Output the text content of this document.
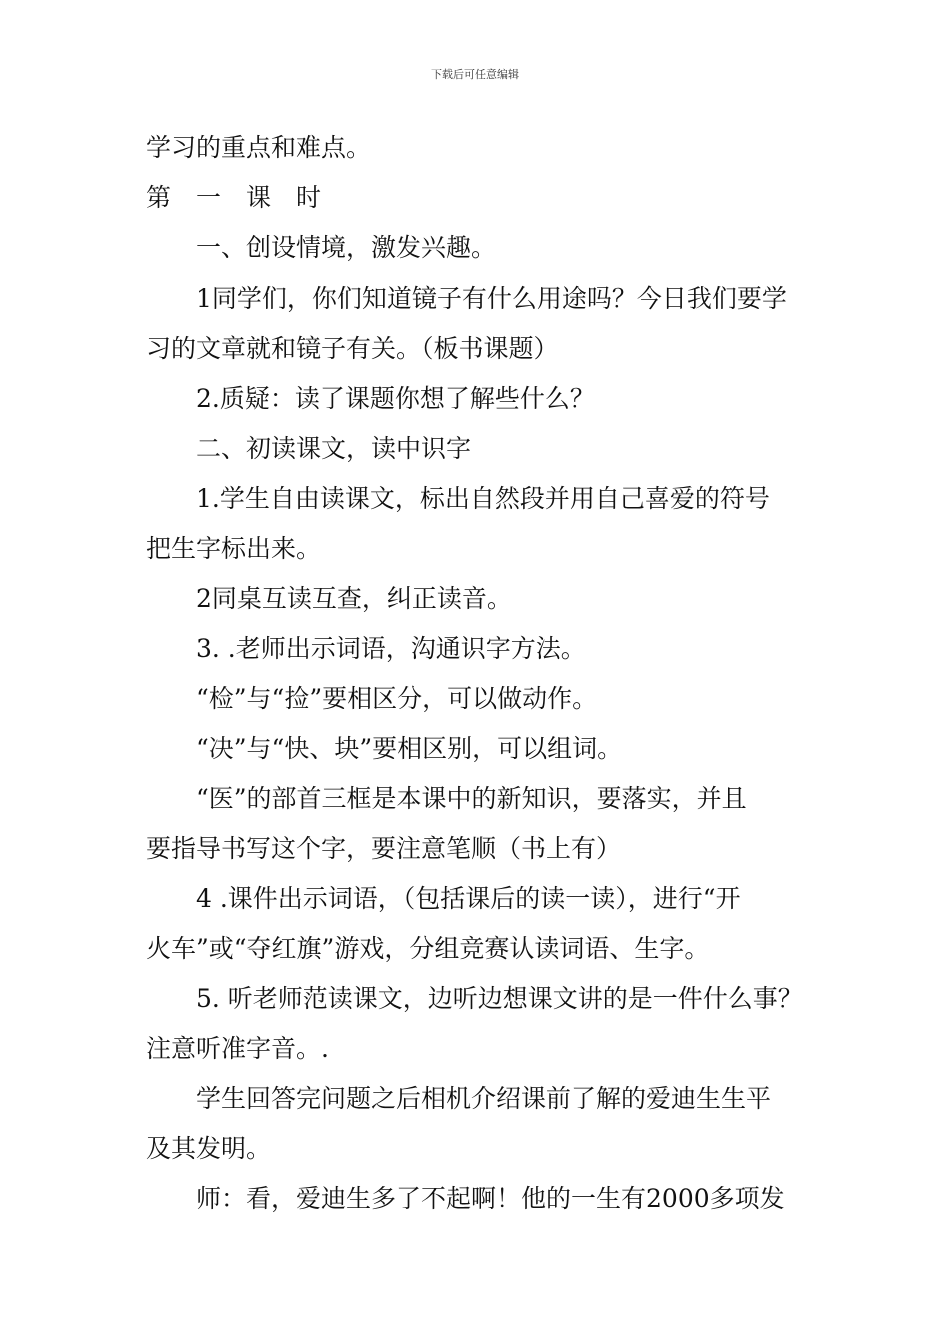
下载后可任意编辑
学习的重点和难点。
第　一　课　时
一、创设情境，激发兴趣。
1同学们，你们知道镜子有什么用途吗？今日我们要学
习的文章就和镜子有关。（板书课题）
2.质疑：读了课题你想了解些什么？
二、初读课文，读中识字
1.学生自由读课文，标出自然段并用自己喜爱的符号
把生字标出来。
2同桌互读互查，纠正读音。
3. .老师出示词语，沟通识字方法。
“检”与“捡”要相区分，可以做动作。
“决”与“快、块”要相区别，可以组词。
“医”的部首三框是本课中的新知识，要落实，并且
要指导书写这个字，要注意笔顺（书上有）
4 .课件出示词语，（包括课后的读一读），进行“开
火车”或“夺红旗”游戏，分组竞赛认读词语、生字。
5. 听老师范读课文，边听边想课文讲的是一件什么事？
注意听准字音。.
学生回答完问题之后相机介绍课前了解的爱迪生生平
及其发明。
师：看，爱迪生多了不起啊！他的一生有2000多项发
